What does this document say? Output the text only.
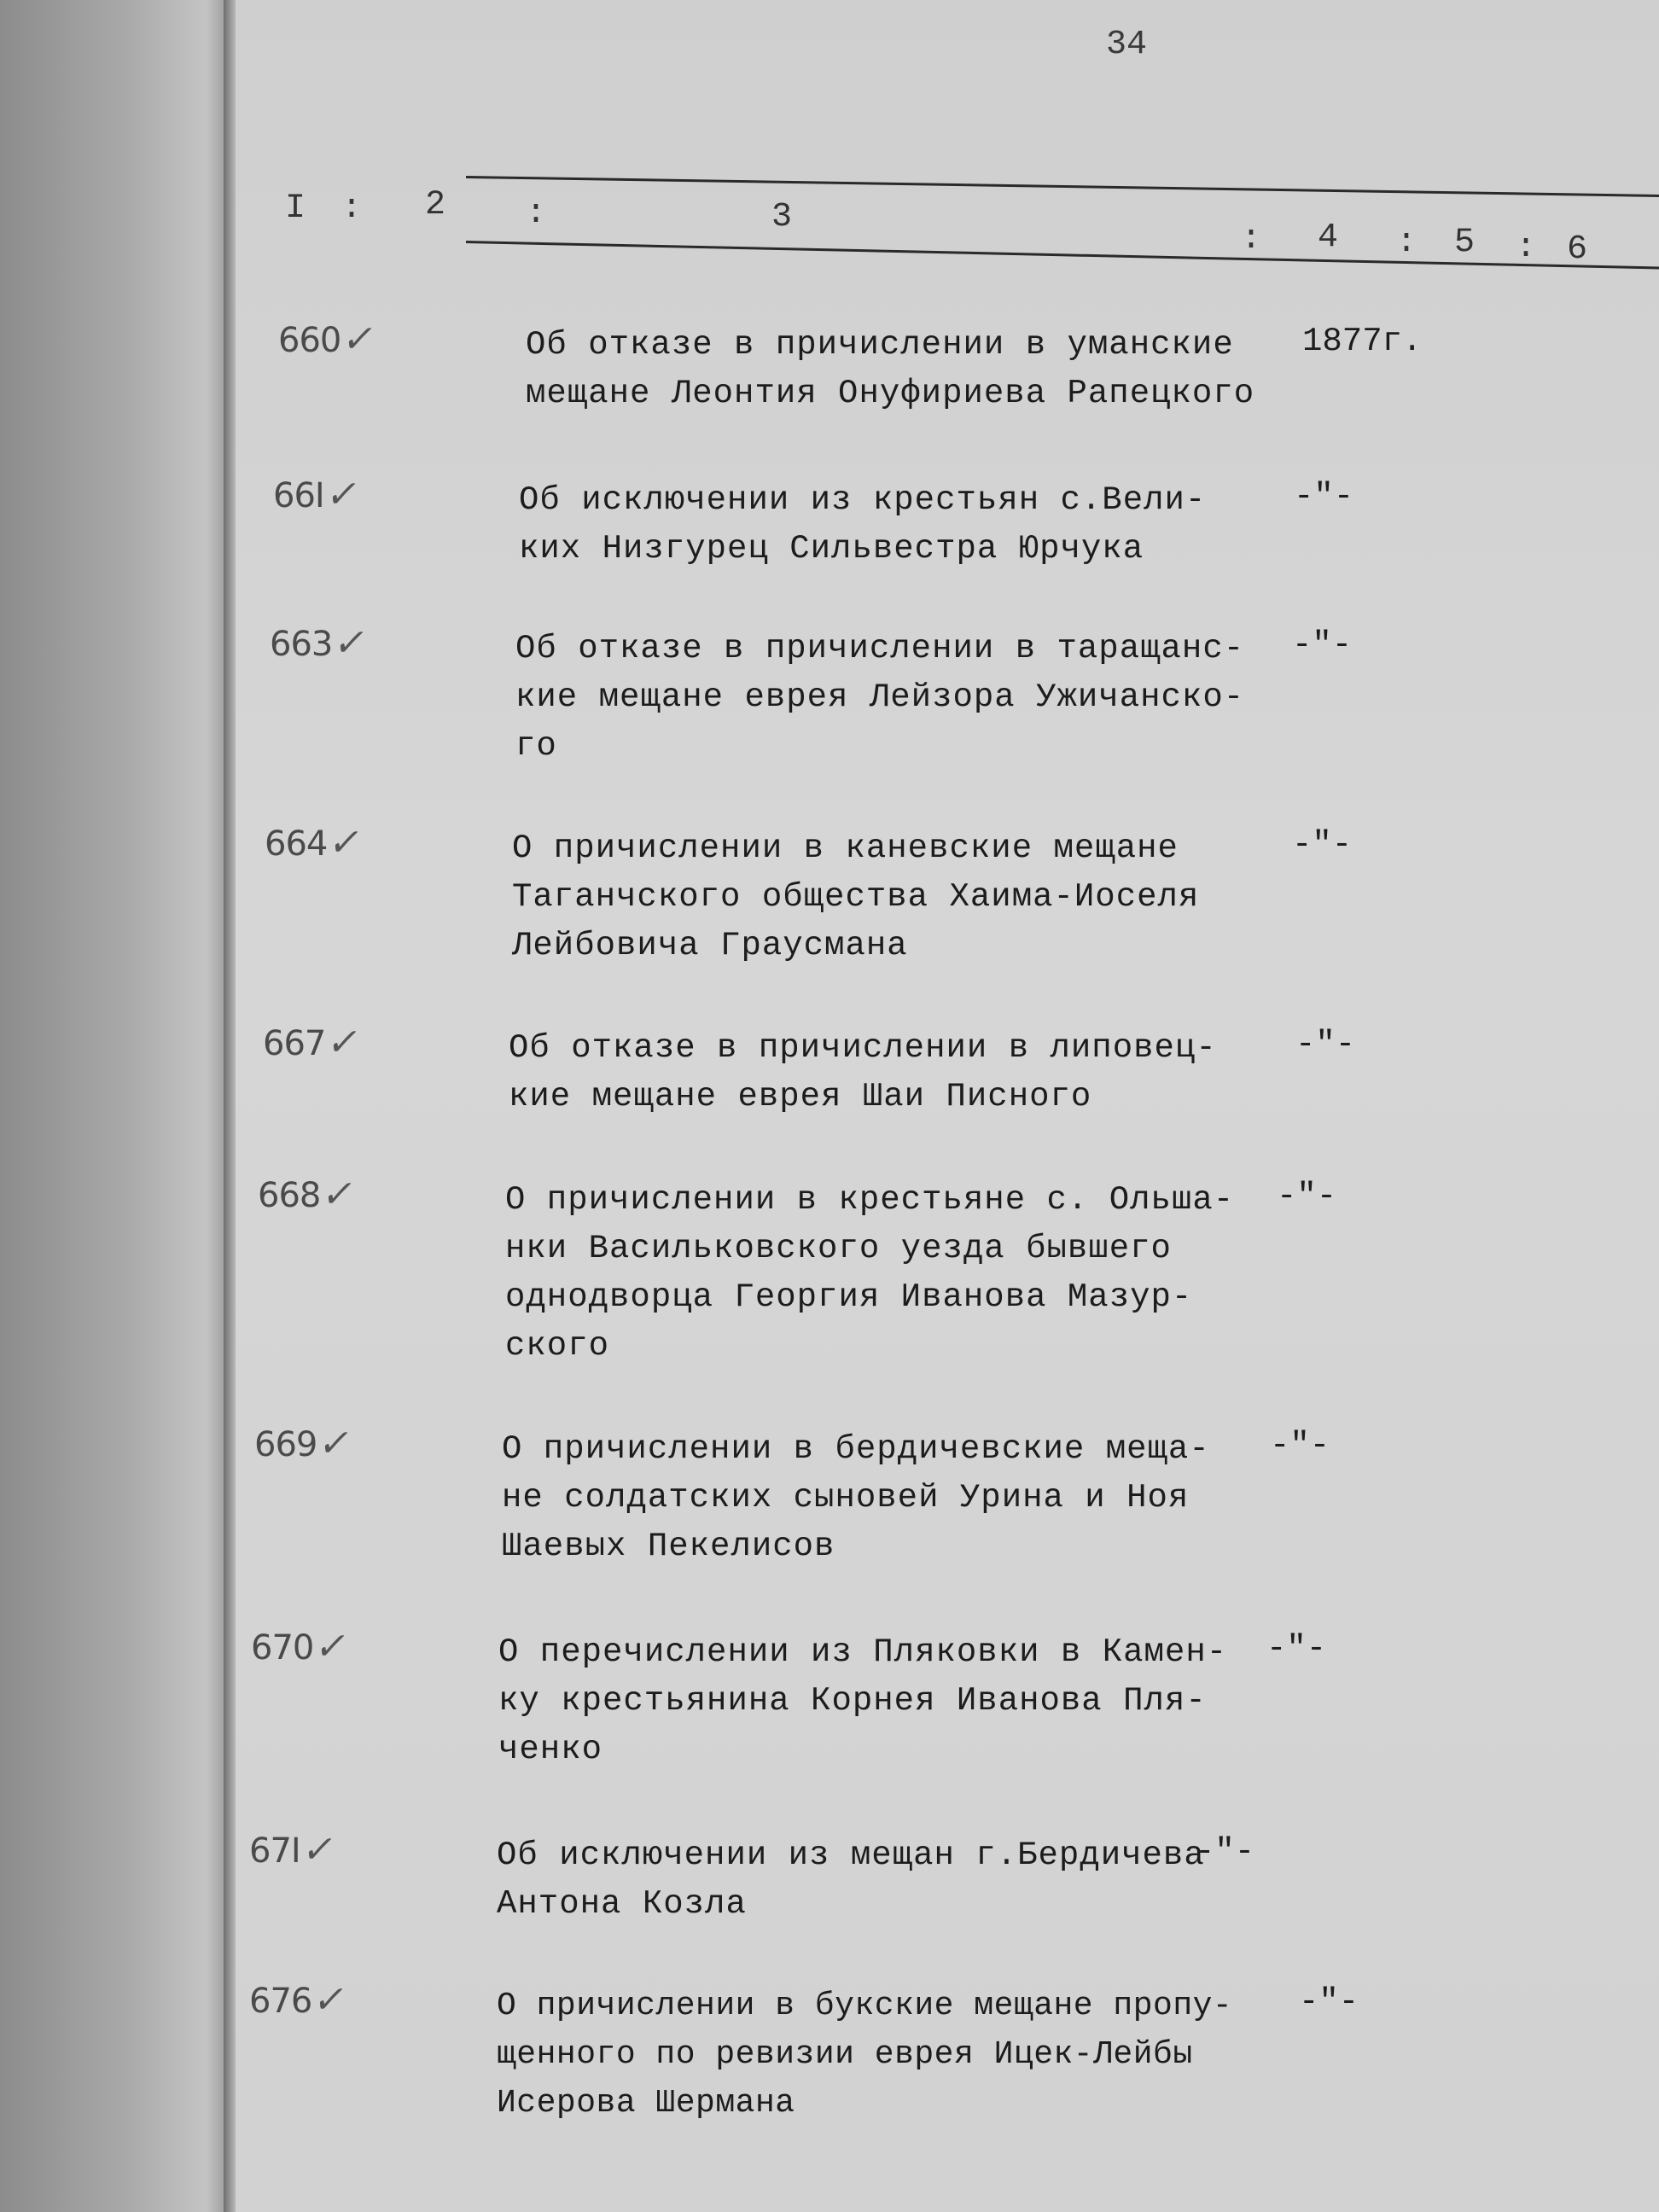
34
I : 2 :	3
: 4 : 5 : 6
660✓	Об отказе в причислении в уманские
мещане Леонтия Онуфириева Рапецкого
1877г.
66I✓	Об исключении из крестьян с.Вели-
ких Низгурец Сильвестра Юрчука
-"-
663✓	Об отказе в причислении в таращанс-
кие мещане еврея Лейзора Ужичанско-
го
-"-
664✓	О причислении в каневские мещане
Таганчского общества Хаима-Иоселя
Лейбовича Граусмана
-"-
667✓	Об отказе в причислении в липовец-
кие мещане еврея Шаи Писного
-"-
668✓	О причислении в крестьяне с. Ольша-
нки Васильковского уезда бывшего
однодворца Георгия Иванова Мазур-
ского
-"-
669✓	О причислении в бердичевские меща-
не солдатских сыновей Урина и Ноя
Шаевых Пекелисов
-"-
670✓	О перечислении из Пляковки в Камен-
ку крестьянина Корнея Иванова Пля-
ченко
-"-
67I✓	Об исключении из мещан г.Бердичева
Антона Козла
-"-
676✓	О причислении в букские мещане пропу-
щенного по ревизии еврея Ицек-Лейбы
Исерова Шермана
-"-
